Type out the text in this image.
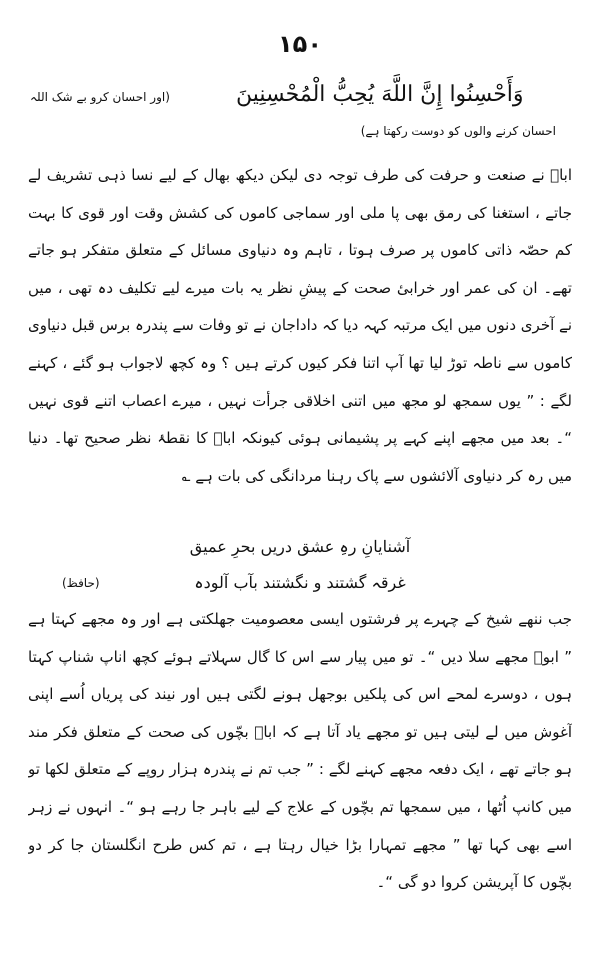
۱۵۰
وَأَحْسِنُوا إِنَّ اللَّهَ يُحِبُّ الْمُحْسِنِينَ
(اور احسان کرو بے شک اللہ
احسان کرنے والوں کو دوست رکھتا ہے)
اباؔ نے صنعت و حرفت کی طرف توجہ دی لیکن دیکھ بھال کے لیے نسا ذہی تشریف لے جاتے ، استغنا کی رمق بھی پا ملی اور سماجی کاموں کی کشش وقت اور قوی کا بہت کم حصّہ ذاتی کاموں پر صرف ہوتا ، تاہم وہ دنیاوی مسائل کے متعلق متفکر ہو جاتے تھے۔ ان کی عمر اور خرابیٔ صحت کے پیشِ نظر یہ بات میرے لیے تکلیف دہ تھی ، میں نے آخری دنوں میں ایک مرتبہ کہہ دیا کہ داداجان نے تو وفات سے پندرہ برس قبل دنیاوی کاموں سے ناطہ توڑ لیا تھا آپ اتنا فکر کیوں کرتے ہیں ؟ وہ کچھ لاجواب ہو گئے ، کہنے لگے : ” یوں سمجھ لو مجھ میں اتنی اخلاقی جرأت نہیں ، میرے اعصاب اتنے قوی نہیں “۔ بعد میں مجھے اپنے کہے پر پشیمانی ہوئی کیونکہ اباؔ کا نقطۂ نظر صحیح تھا۔ دنیا میں رہ کر دنیاوی آلائشوں سے پاک رہنا مردانگی کی بات ہے ؎
آشنایانِ رہِ عشق دریں بحرِ عمیق
(حافظ)	غرقہ گشتند و نگشتند بآب آلودہ
جب ننھے شیخ کے چہرے پر فرشتوں ایسی معصومیت جھلکتی ہے اور وہ مجھے کہتا ہے ” ابوؔ مجھے سلا دیں “۔ تو میں پیار سے اس کا گال سہلاتے ہوئے کچھ اناپ شناپ کہتا ہوں ، دوسرے لمحے اس کی پلکیں بوجھل ہونے لگتی ہیں اور نیند کی پریاں اُسے اپنی آغوش میں لے لیتی ہیں تو مجھے یاد آتا ہے کہ اباؔ بچّوں کی صحت کے متعلق فکر مند ہو جاتے تھے ، ایک دفعہ مجھے کہنے لگے : ” جب تم نے پندرہ ہزار روپے کے متعلق لکھا تو میں کانپ اُٹھا ، میں سمجھا تم بچّوں کے علاج کے لیے باہر جا رہے ہو “۔ انہوں نے زہر اسے بھی کہا تھا ” مجھے تمہارا بڑا خیال رہتا ہے ، تم کس طرح انگلستان جا کر دو بچّوں کا آپریشن کروا دو گی “۔
